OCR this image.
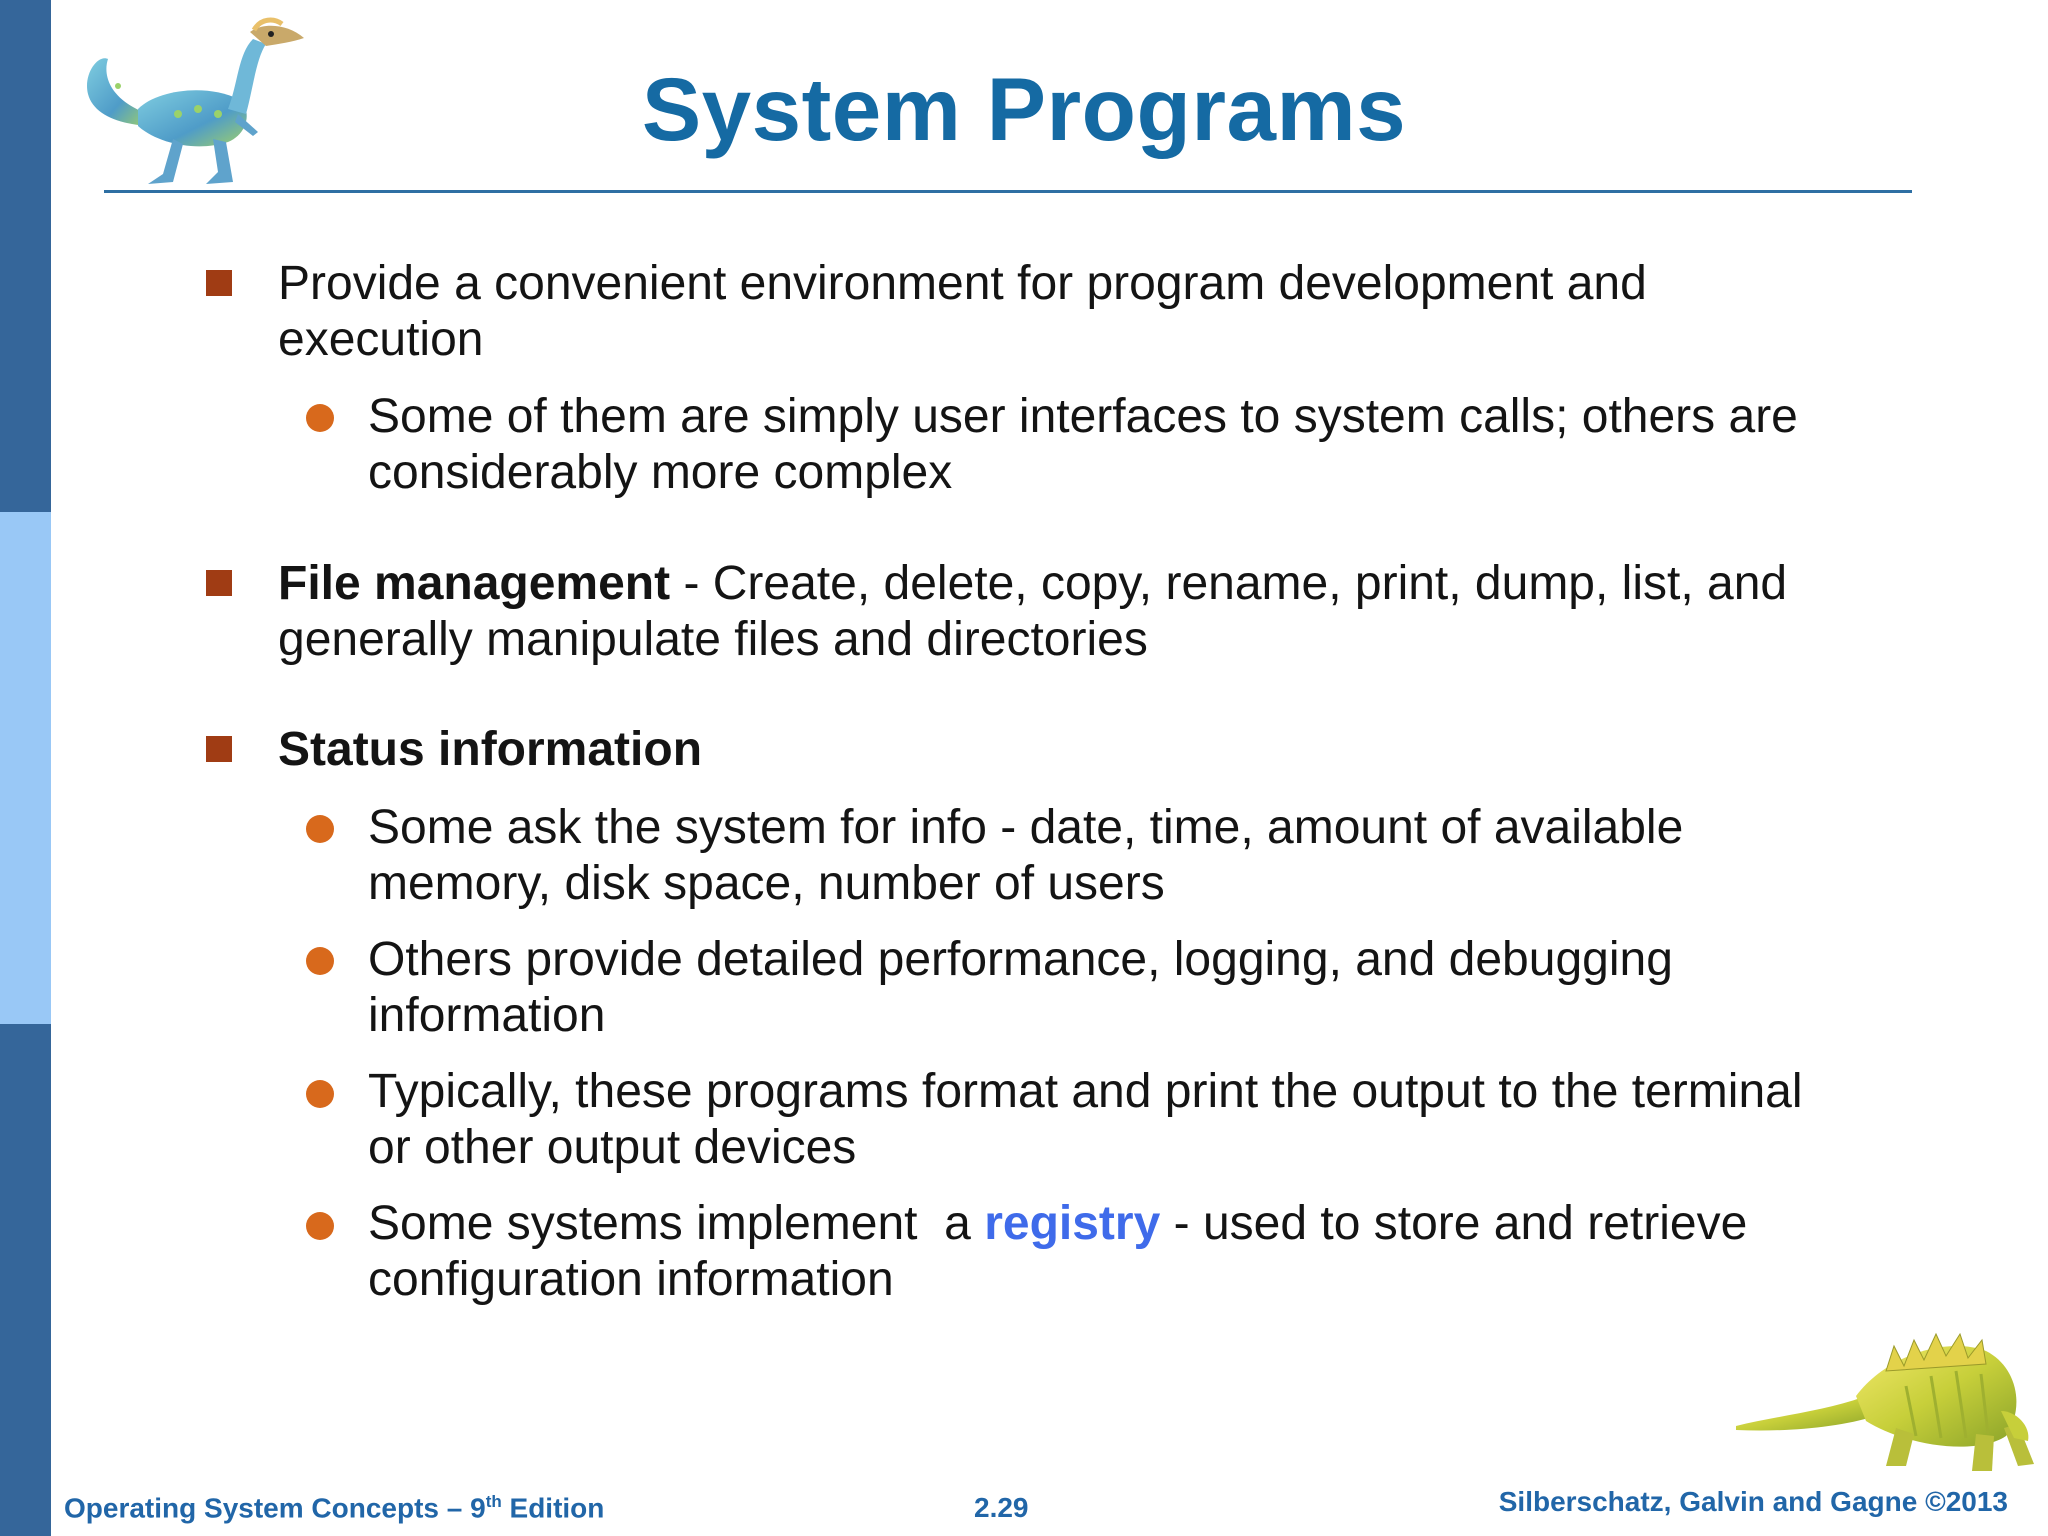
System Programs
Provide a convenient environment for program development and execution
Some of them are simply user interfaces to system calls; others are considerably more complex
File management - Create, delete, copy, rename, print, dump, list, and generally manipulate files and directories
Status information
Some ask the system for info - date, time, amount of available memory, disk space, number of users
Others provide detailed performance, logging, and debugging information
Typically, these programs format and print the output to the terminal or other output devices
Some systems implement  a registry - used to store and retrieve configuration information
Operating System Concepts – 9th Edition	2.29	Silberschatz, Galvin and Gagne ©2013
